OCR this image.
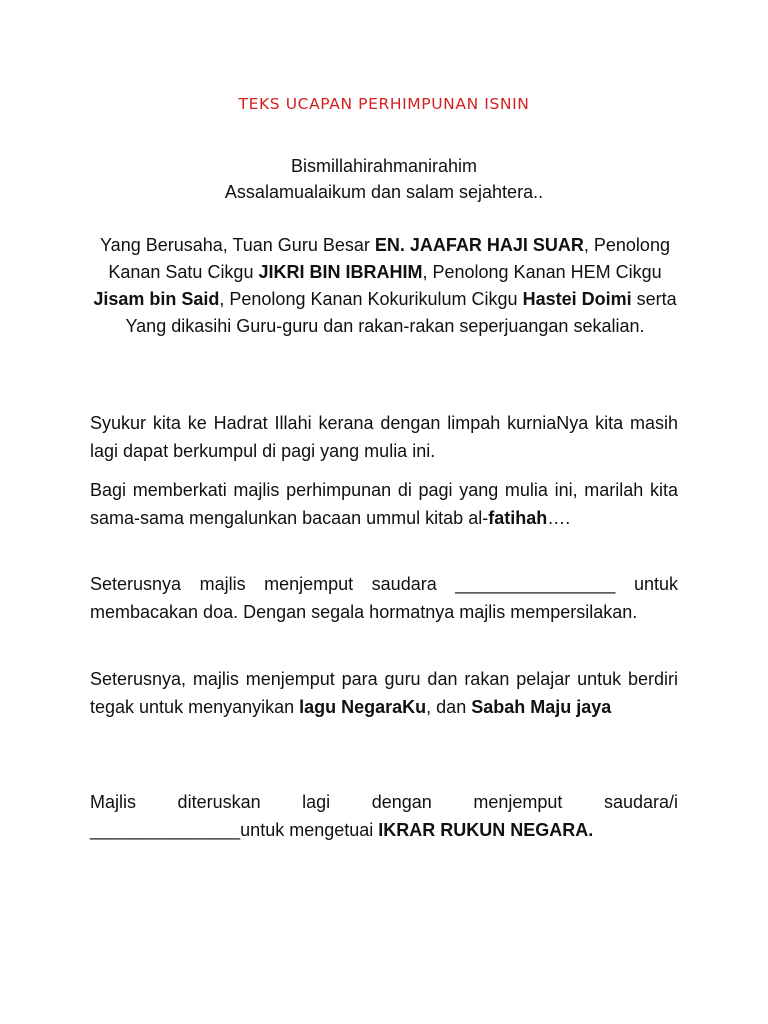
TEKS UCAPAN PERHIMPUNAN ISNIN
Bismillahirahmanirahim
Assalamualaikum dan salam sejahtera..
Yang Berusaha, Tuan Guru Besar EN. JAAFAR HAJI SUAR, Penolong Kanan Satu Cikgu JIKRI BIN IBRAHIM, Penolong Kanan HEM Cikgu Jisam bin Said, Penolong Kanan Kokurikulum Cikgu Hastei Doimi serta Yang dikasihi Guru-guru dan rakan-rakan seperjuangan sekalian.

Syukur kita ke Hadrat Illahi kerana dengan limpah kurniaNya kita masih lagi dapat berkumpul di pagi yang mulia ini.

Bagi memberkati majlis perhimpunan di pagi yang mulia ini, marilah kita sama-sama mengalunkan bacaan ummul kitab al-fatihah….

Seterusnya majlis menjemput saudara ________________ untuk membacakan doa. Dengan segala hormatnya majlis mempersilakan.

Seterusnya, majlis menjemput para guru dan rakan pelajar untuk berdiri tegak untuk menyanyikan lagu NegaraKu, dan Sabah Maju jaya

Majlis diteruskan lagi dengan menjemput saudara/i _______________untuk mengetuai IKRAR RUKUN NEGARA.
